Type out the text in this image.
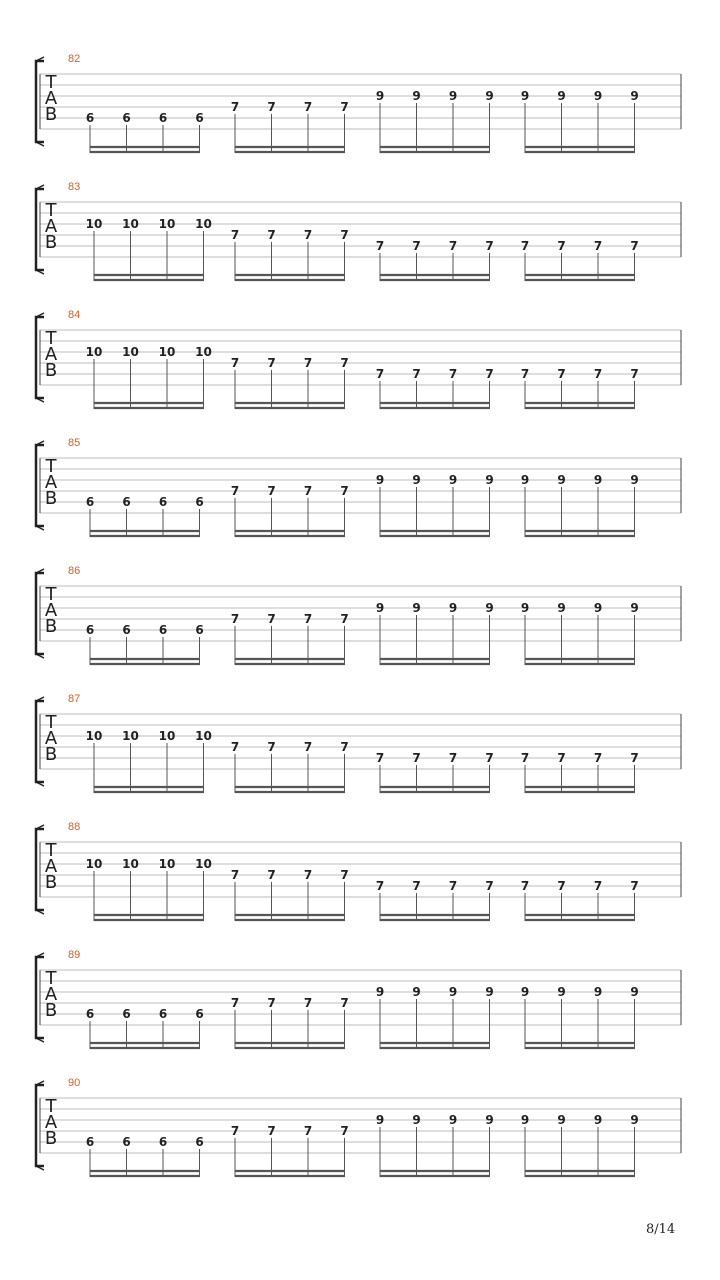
82
T
A
B 6 6 6 6
7 7 7 7
9 9 9 9 9 9 9 9
83
T
A
B
10 10 10 10
7 7 7 7
7 7 7 7 7 7 7 7
84
T
A
B
10 10 10 10
7 7 7 7
7 7 7 7 7 7 7 7
85
T
A
B 6 6 6 6
7 7 7 7
9 9 9 9 9 9 9 9
86
T
A
B 6 6 6 6
7 7 7 7
9 9 9 9 9 9 9 9
87
T
A
B
10 10 10 10
7 7 7 7
7 7 7 7 7 7 7 7
88
T
A
B
10 10 10 10
7 7 7 7
7 7 7 7 7 7 7 7
89
T
A
B 6 6 6 6
7 7 7 7
9 9 9 9 9 9 9 9
90
T
A
B 6 6 6 6
7 7 7 7
9 9 9 9 9 9 9 9
8/14
